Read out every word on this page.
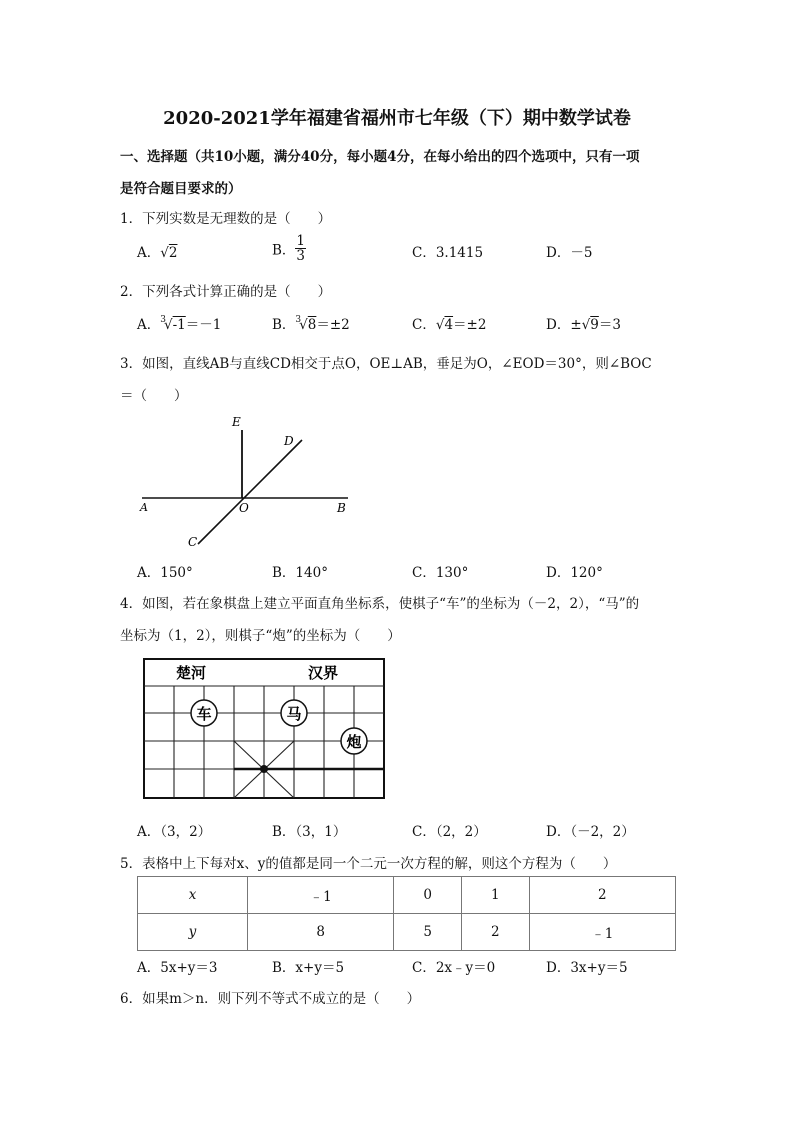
2020-2021学年福建省福州市七年级（下）期中数学试卷
一、选择题（共10小题，满分40分，每小题4分，在每小给出的四个选项中，只有一项
是符合题目要求的）
1．下列实数是无理数的是（　　）
A．√2	B． $\frac{1}{3}$	C．3.1415	D．－5
2．下列各式计算正确的是（　　）
A．$^3$√-1＝－1	B．$^3$√8＝±2	C．√4＝±2	D．±√9＝3
3．如图，直线AB与直线CD相交于点O，OE⊥AB，垂足为O，∠EOD＝30°，则∠BOC
＝（　　）
E
D
A	O	B
C
A．150°	B．140°	C．130°	D．120°
4．如图，若在象棋盘上建立平面直角坐标系，使棋子“车”的坐标为（－2，2），“马”的
坐标为（1，2），则棋子“炮”的坐标为（　　）
楚河	汉界
车	马
炮
A．（3，2）	B．（3，1）	C．（2，2）	D．（－2，2）
5．表格中上下每对x、y的值都是同一个二元一次方程的解，则这个方程为（　　）
x	﹣1	0	1	2
y	8	5	2	﹣1
A．5x+y＝3	B．x+y＝5	C．2x﹣y＝0	D．3x+y＝5
6．如果m＞n．则下列不等式不成立的是（　　）
